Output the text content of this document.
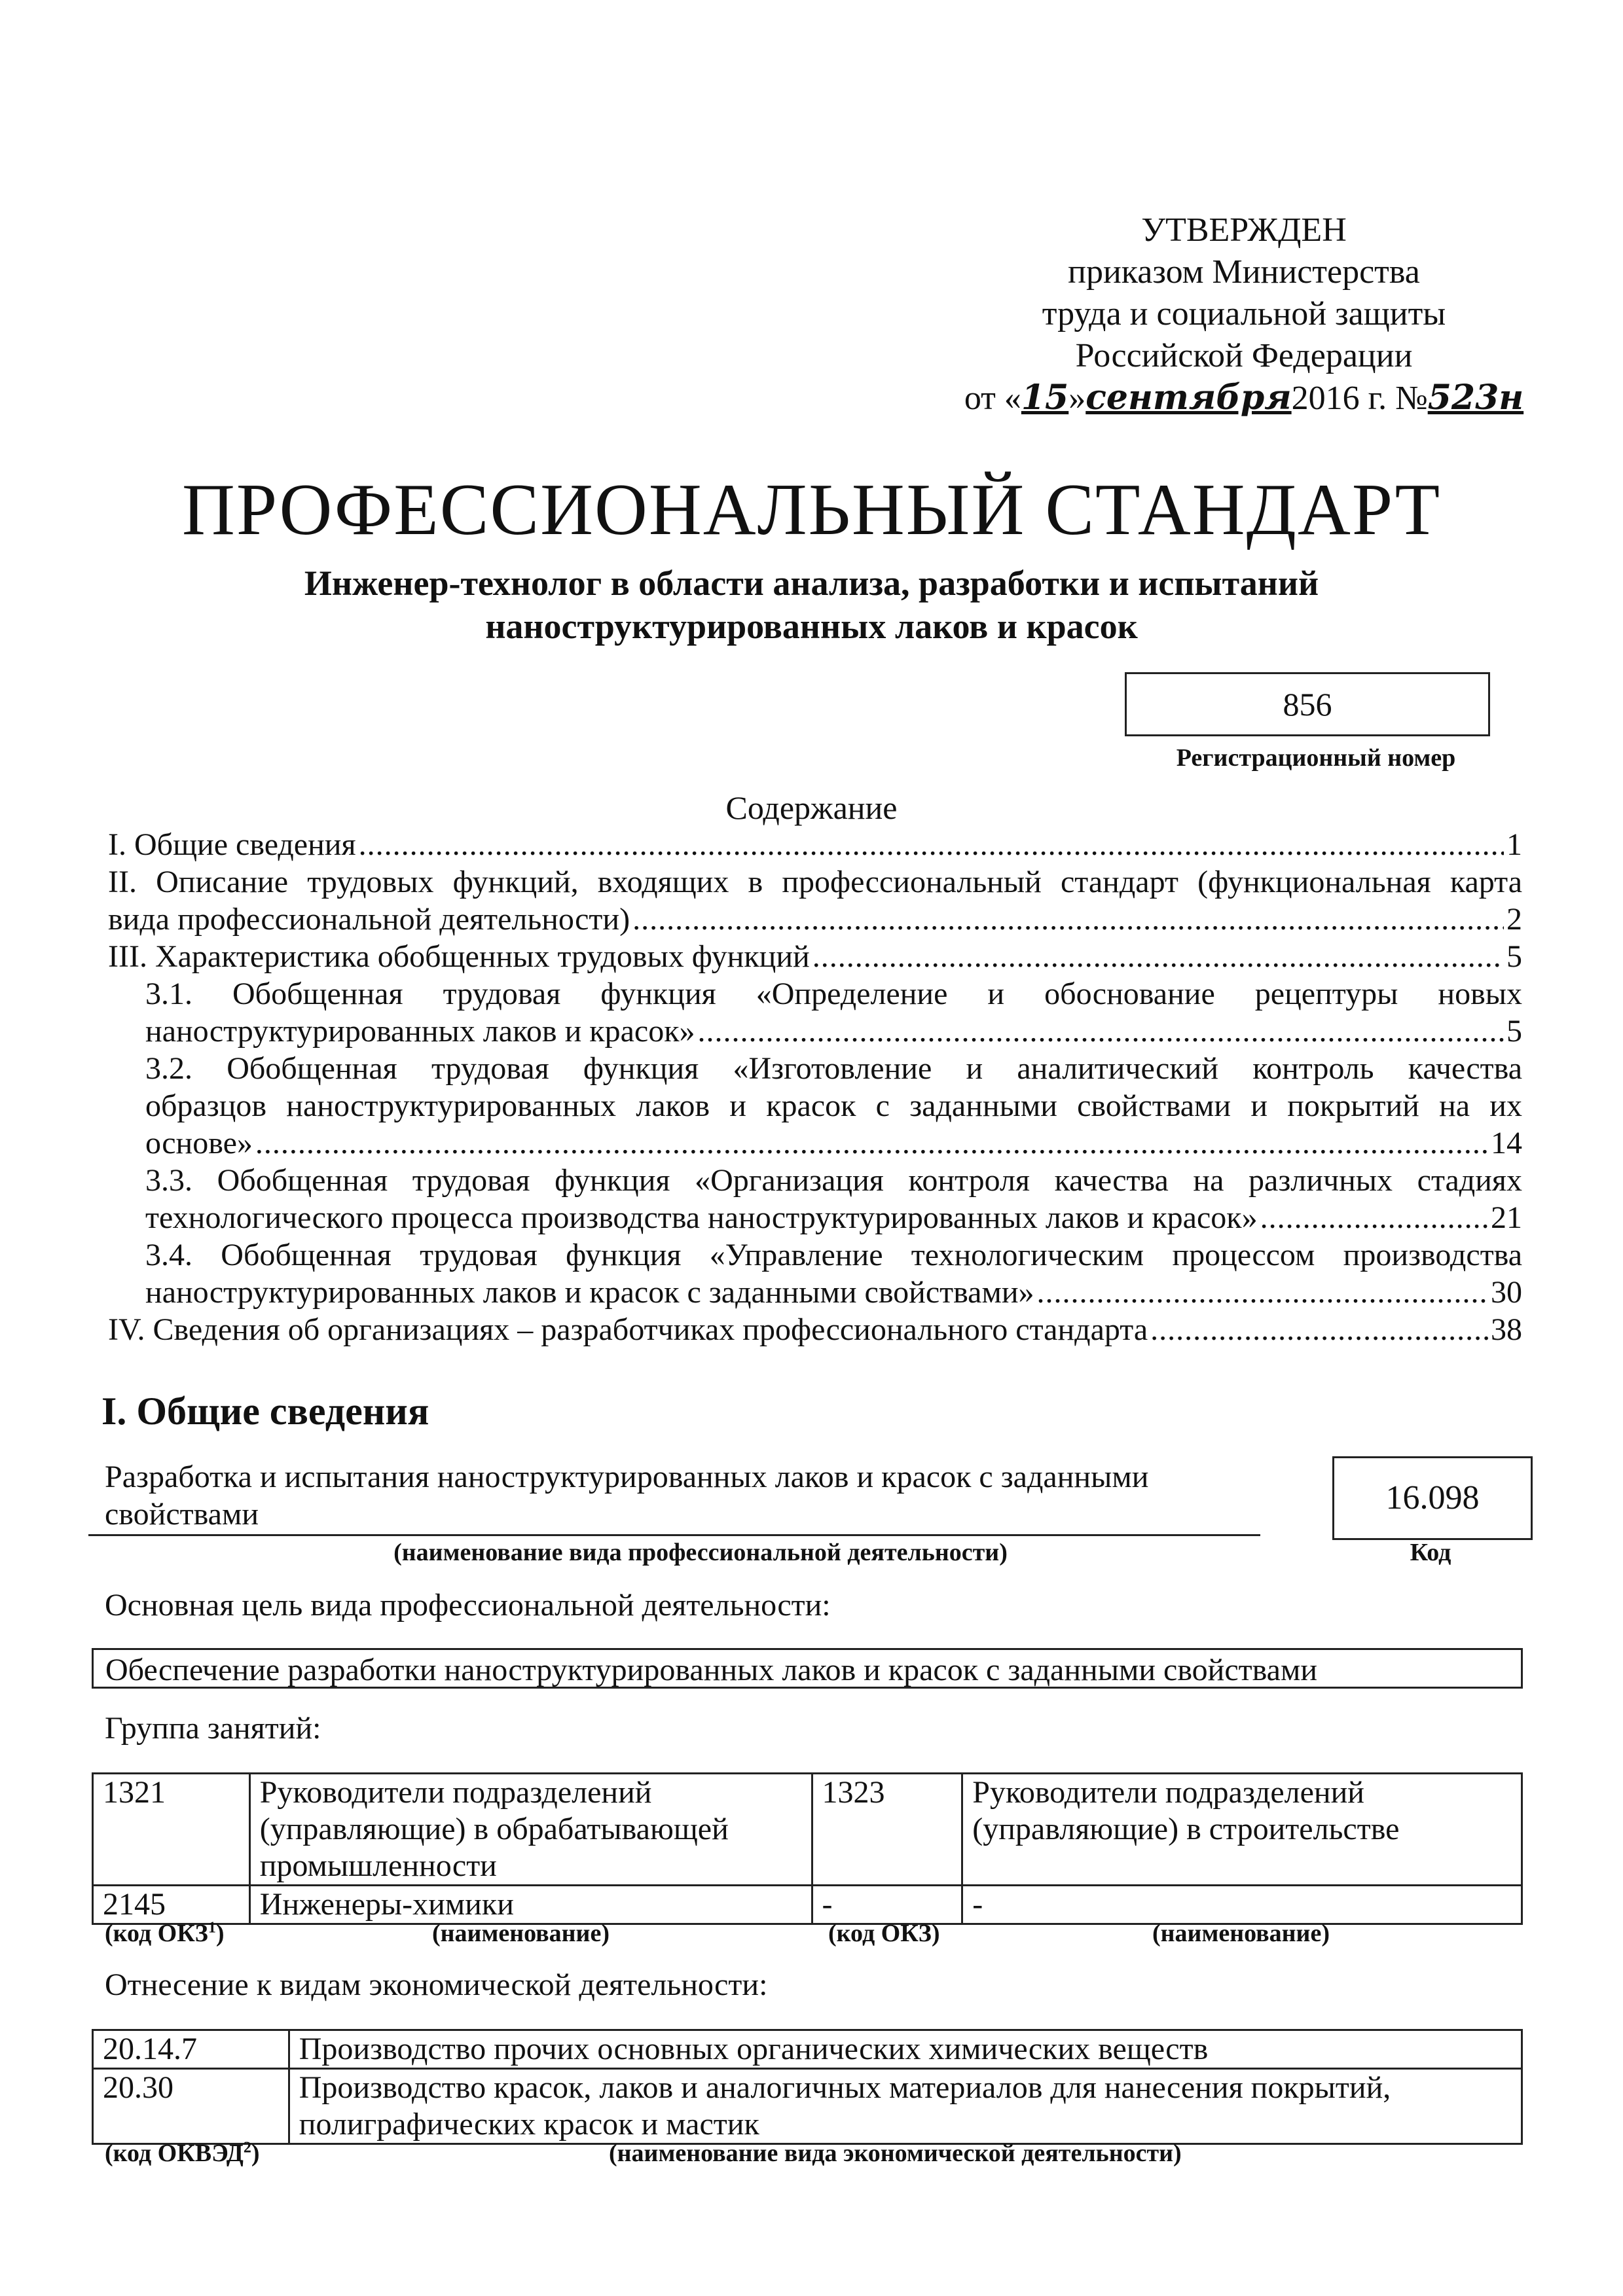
УТВЕРЖДЕН
приказом Министерства
труда и социальной защиты
Российской Федерации
от «15»сентября2016 г. №523н
ПРОФЕССИОНАЛЬНЫЙ СТАНДАРТ
Инженер-технолог в области анализа, разработки и испытаний
наноструктурированных лаков и красок
856
Регистрационный номер
Содержание
I. Общие сведения .....	1
II. Описание трудовых функций, входящих в профессиональный стандарт (функциональная карта
вида профессиональной деятельности) .....	2
III. Характеристика обобщенных трудовых функций .....	5
3.1. Обобщенная трудовая функция «Определение и обоснование рецептуры новых
наноструктурированных лаков и красок» .....	5
3.2. Обобщенная трудовая функция «Изготовление и аналитический контроль качества
образцов наноструктурированных лаков и красок с заданными свойствами и покрытий на их
основе» .....	14
3.3. Обобщенная трудовая функция «Организация контроля качества на различных стадиях
технологического процесса производства наноструктурированных лаков и красок» .....	21
3.4. Обобщенная трудовая функция «Управление технологическим процессом производства
наноструктурированных лаков и красок с заданными свойствами» .....	30
IV. Сведения об организациях – разработчиках профессионального стандарта .....	38
I. Общие сведения
Разработка и испытания наноструктурированных лаков и красок с заданными
свойствами
(наименование вида профессиональной деятельности)
16.098
Код
Основная цель вида профессиональной деятельности:
Обеспечение разработки наноструктурированных лаков и красок с заданными свойствами
Группа занятий:
1321	Руководители подразделений (управляющие) в обрабатывающей промышленности	1323	Руководители подразделений (управляющие) в строительстве
2145	Инженеры-химики	-	-
(код ОКЗ$^1$)	(наименование)	(код ОКЗ)	(наименование)
Отнесение к видам экономической деятельности:
20.14.7	Производство прочих основных органических химических веществ
20.30	Производство красок, лаков и аналогичных материалов для нанесения покрытий, полиграфических красок и мастик
(код ОКВЭД$^2$)	(наименование вида экономической деятельности)
